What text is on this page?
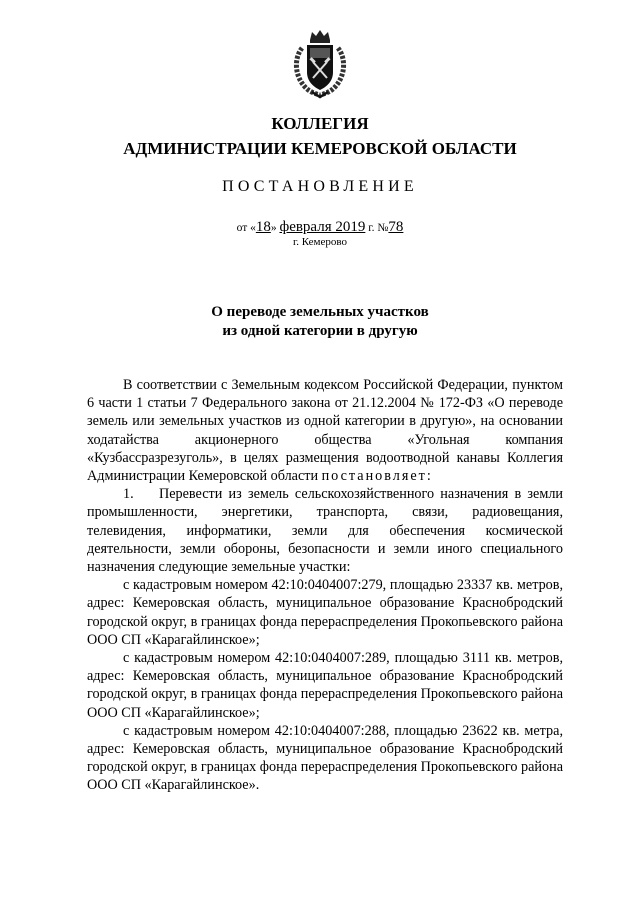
КОЛЛЕГИЯ
АДМИНИСТРАЦИИ КЕМЕРОВСКОЙ ОБЛАСТИ
ПОСТАНОВЛЕНИЕ
от «18» февраля 2019 г. №78
г. Кемерово
О переводе земельных участков
из одной категории в другую

В соответствии с Земельным кодексом Российской Федерации, пунктом 6 части 1 статьи 7 Федерального закона от 21.12.2004 № 172-ФЗ «О переводе земель или земельных участков из одной категории в другую», на основании ходатайства акционерного общества «Угольная компания «Кузбассразрезуголь», в целях размещения водоотводной канавы Коллегия Администрации Кемеровской области постановляет:

1. Перевести из земель сельскохозяйственного назначения в земли промышленности, энергетики, транспорта, связи, радиовещания, телевидения, информатики, земли для обеспечения космической деятельности, земли обороны, безопасности и земли иного специального назначения следующие земельные участки:

с кадастровым номером 42:10:0404007:279, площадью 23337 кв. метров, адрес: Кемеровская область, муниципальное образование Краснобродский городской округ, в границах фонда перераспределения Прокопьевского района ООО СП «Карагайлинское»;

с кадастровым номером 42:10:0404007:289, площадью 3111 кв. метров, адрес: Кемеровская область, муниципальное образование Краснобродский городской округ, в границах фонда перераспределения Прокопьевского района ООО СП «Карагайлинское»;

с кадастровым номером 42:10:0404007:288, площадью 23622 кв. метра, адрес: Кемеровская область, муниципальное образование Краснобродский городской округ, в границах фонда перераспределения Прокопьевского района ООО СП «Карагайлинское».
